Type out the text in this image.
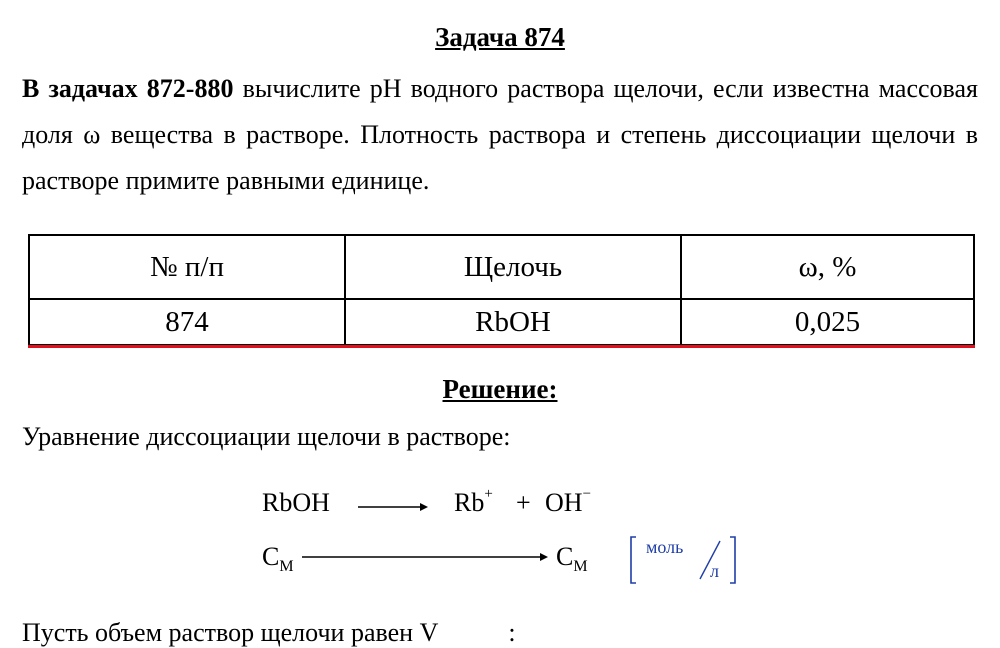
Задача 874
В задачах 872-880 вычислите pH водного раствора щелочи, если известна массовая доля ω вещества в растворе. Плотность раствора и степень диссоциации щелочи в растворе примите равными единице.
№ п/п	Щелочь	ω, %
874	RbOH	0,025
Решение:
Уравнение диссоциации щелочи в растворе:
RbOH	Rb+ + OH−
$C_М$	$C_М$
моль
л
Пусть объем раствор щелочи равен V	:
